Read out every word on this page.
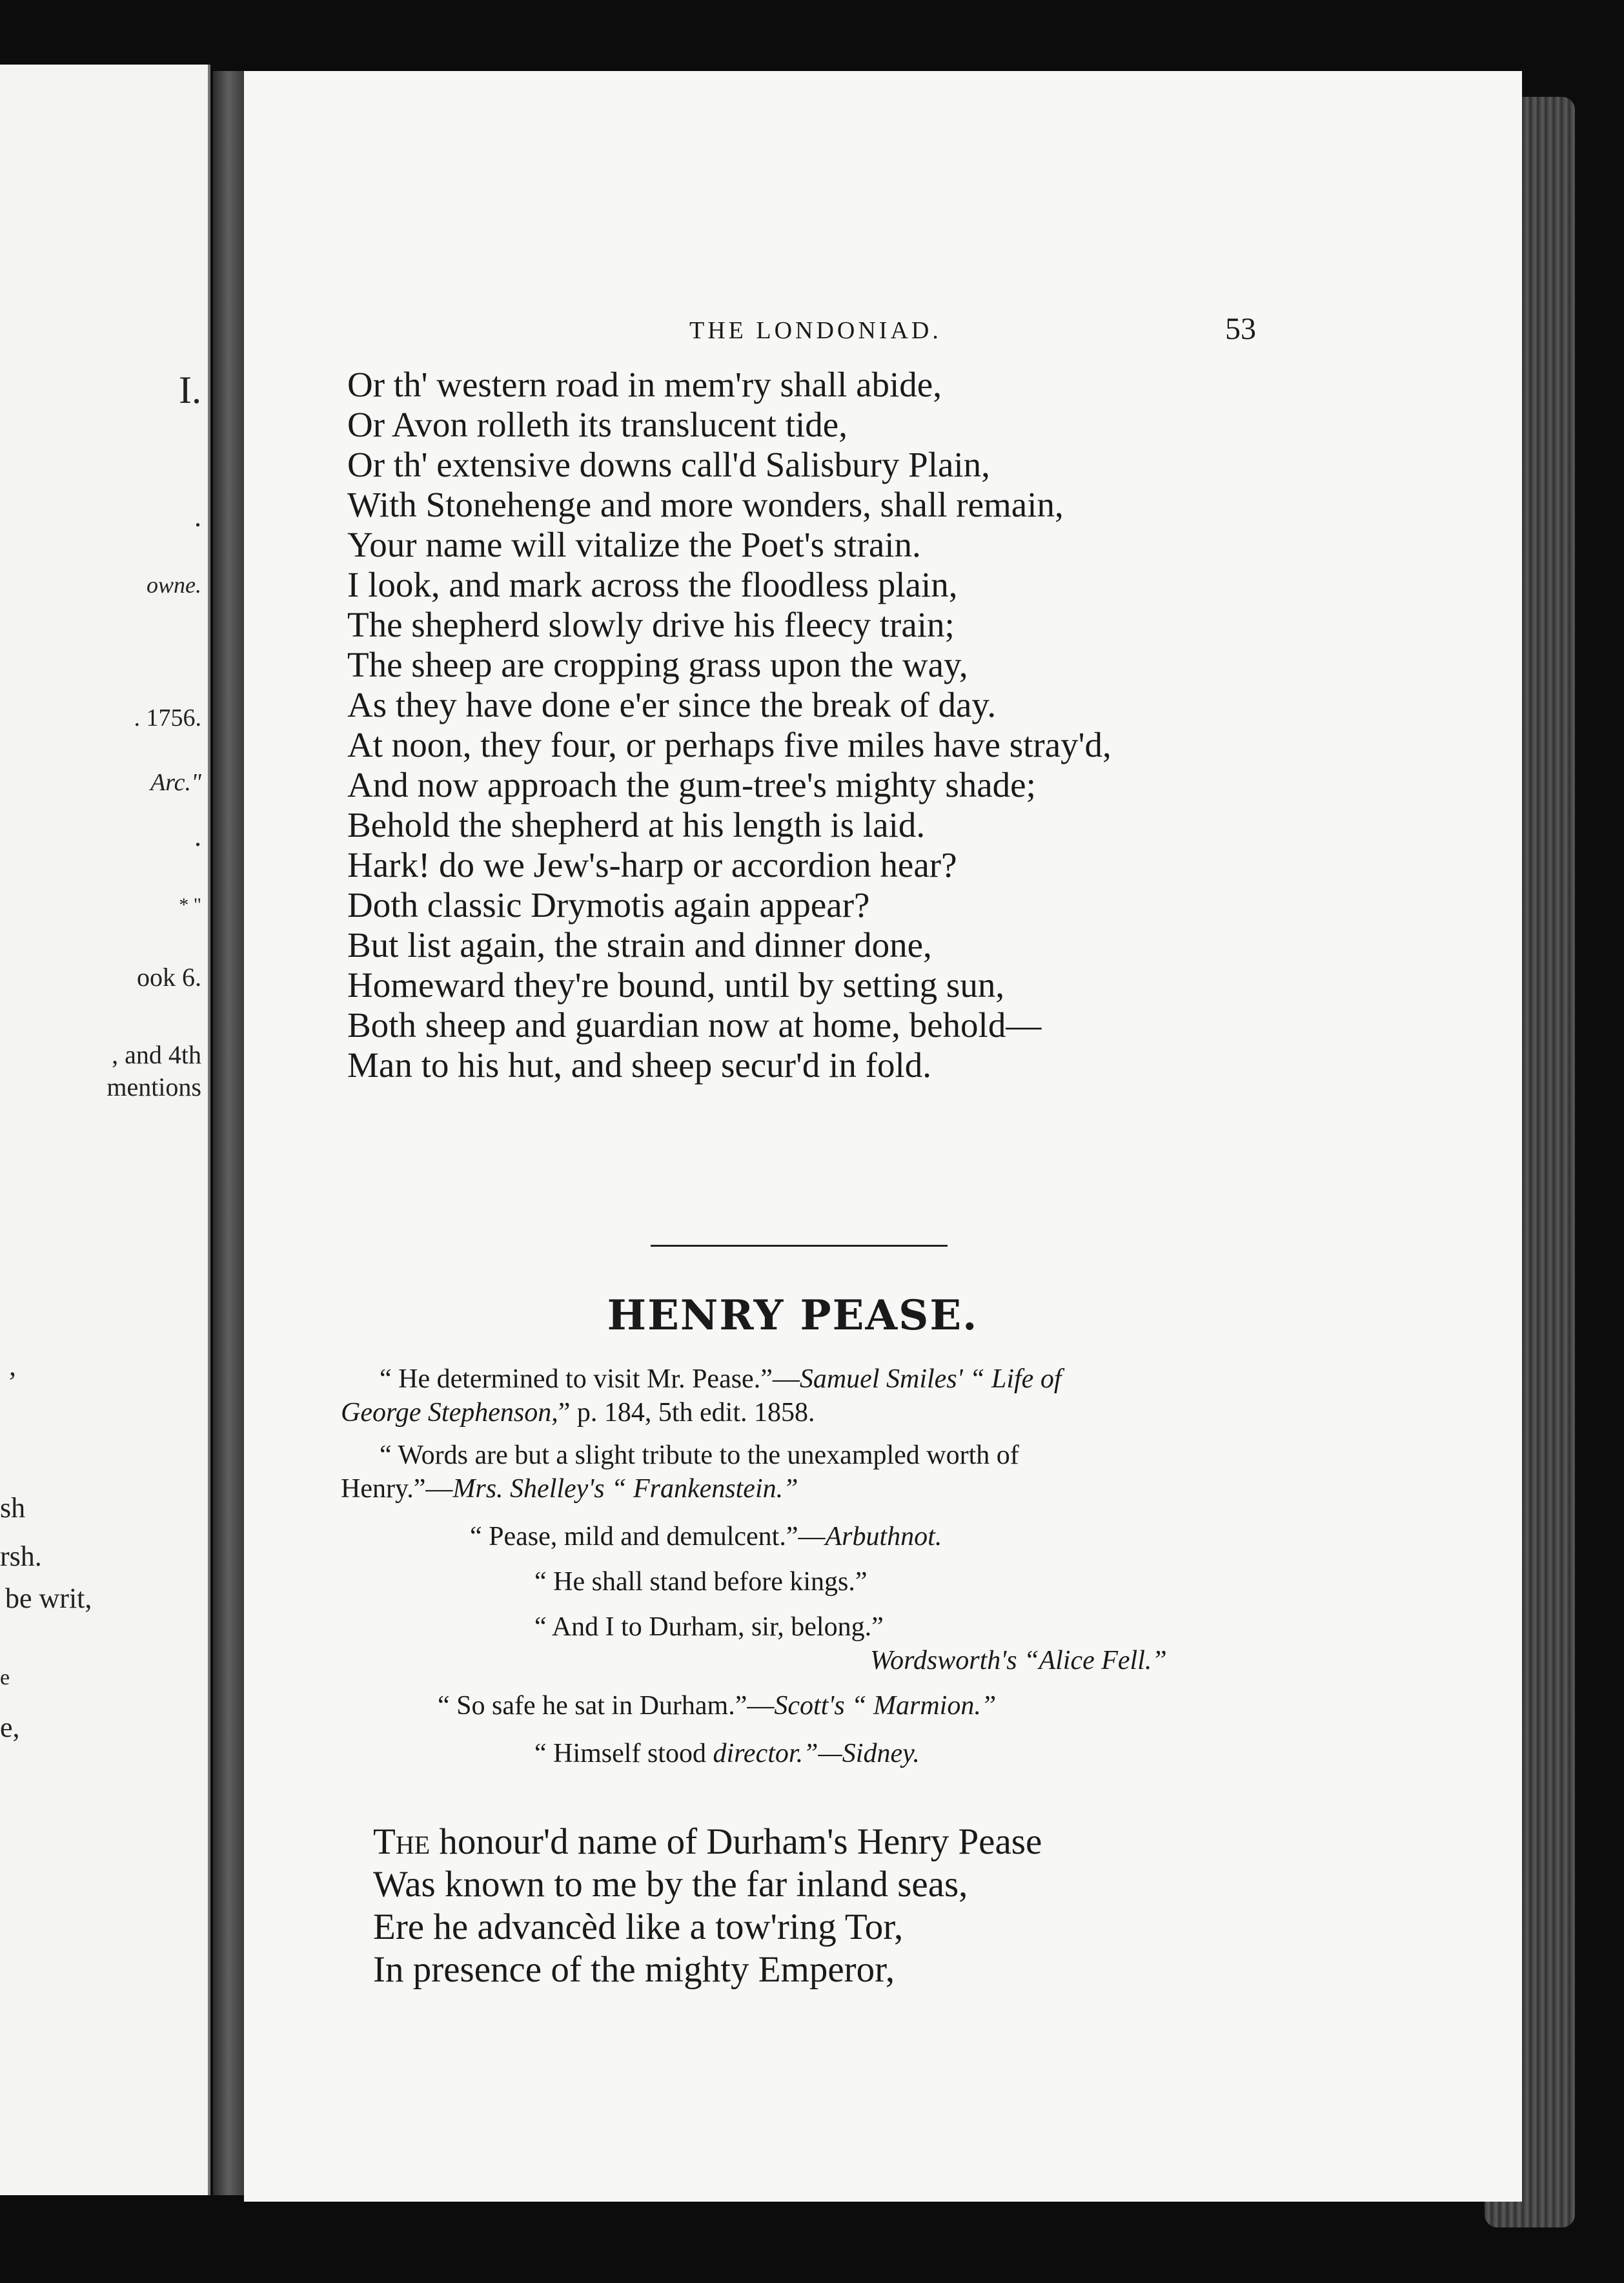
I.
.
owne.
. 1756.
Arc."
.
* "
ook 6.
, and 4th
mentions
,
sh
rsh.
be writ,
e
e,
THE LONDONIAD.	53
Or th' western road in mem'ry shall abide,
Or Avon rolleth its translucent tide,
Or th' extensive downs call'd Salisbury Plain,
With Stonehenge and more wonders, shall remain,
Your name will vitalize the Poet's strain.
I look, and mark across the floodless plain,
The shepherd slowly drive his fleecy train;
The sheep are cropping grass upon the way,
As they have done e'er since the break of day.
At noon, they four, or perhaps five miles have stray'd,
And now approach the gum-tree's mighty shade;
Behold the shepherd at his length is laid.
Hark! do we Jew's-harp or accordion hear?
Doth classic Drymotis again appear?
But list again, the strain and dinner done,
Homeward they're bound, until by setting sun,
Both sheep and guardian now at home, behold—
Man to his hut, and sheep secur'd in fold.
HENRY PEASE.
“ He determined to visit Mr. Pease.”—Samuel Smiles' “ Life of
George Stephenson,” p. 184, 5th edit. 1858.
“ Words are but a slight tribute to the unexampled worth of
Henry.”—Mrs. Shelley's “ Frankenstein.”
“ Pease, mild and demulcent.”—Arbuthnot.
“ He shall stand before kings.”
“ And I to Durham, sir, belong.”
Wordsworth's “Alice Fell.”
“ So safe he sat in Durham.”—Scott's “ Marmion.”
“ Himself stood director.”—Sidney.
The honour'd name of Durham's Henry Pease
Was known to me by the far inland seas,
Ere he advancèd like a tow'ring Tor,
In presence of the mighty Emperor,
